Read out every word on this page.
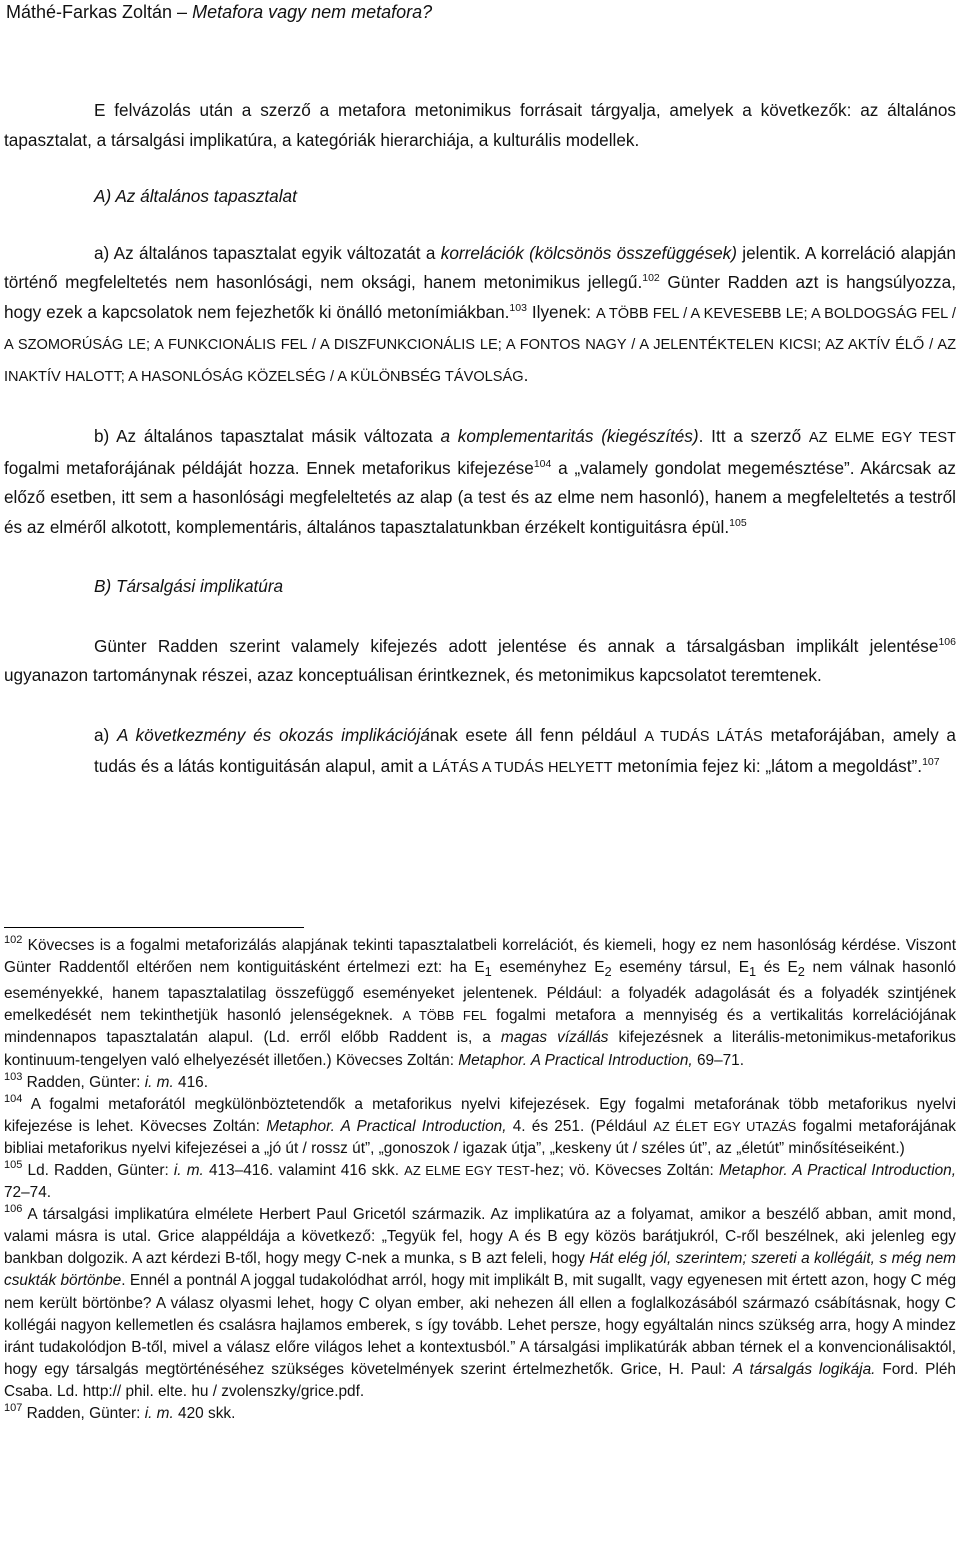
Máthé-Farkas Zoltán – Metafora vagy nem metafora?

E felvázolás után a szerző a metafora metonimikus forrásait tárgyalja, amelyek a következők: az általános tapasztalat, a társalgási implikatúra, a kategóriák hierarchiája, a kulturális modellek.

A) Az általános tapasztalat

a) Az általános tapasztalat egyik változatát a korrelációk (kölcsönös összefüggések) jelentik. A korreláció alapján történő megfeleltetés nem hasonlósági, nem oksági, hanem metonimikus jellegű.$^{102}$ Günter Radden azt is hangsúlyozza, hogy ezek a kapcsolatok nem fejezhetők ki önálló metonímiákban.$^{103}$ Ilyenek: A TÖBB FEL / A KEVESEBB LE; A BOLDOGSÁG FEL / A SZOMORÚSÁG LE; A FUNKCIONÁLIS FEL / A DISZFUNKCIONÁLIS LE; A FONTOS NAGY / A JELENTÉKTELEN KICSI; AZ AKTÍV ÉLŐ / AZ INAKTÍV HALOTT; A HASONLÓSÁG KÖZELSÉG / A KÜLÖNBSÉG TÁVOLSÁG.

b) Az általános tapasztalat másik változata a komplementaritás (kiegészítés). Itt a szerző AZ ELME EGY TEST fogalmi metaforájának példáját hozza. Ennek metaforikus kifejezése$^{104}$ a „valamely gondolat megemésztése”. Akárcsak az előző esetben, itt sem a hasonlósági megfeleltetés az alap (a test és az elme nem hasonló), hanem a megfeleltetés a testről és az elméről alkotott, komplementáris, általános tapasztalatunkban érzékelt kontiguitásra épül.$^{105}$

B) Társalgási implikatúra

Günter Radden szerint valamely kifejezés adott jelentése és annak a társalgásban implikált jelentése$^{106}$ ugyanazon tartománynak részei, azaz konceptuálisan érintkeznek, és metonimikus kapcsolatot teremtenek.

a) A következmény és okozás implikációjának esete áll fenn például A TUDÁS LÁTÁS metaforájában, amely a tudás és a látás kontiguitásán alapul, amit a LÁTÁS A TUDÁS HELYETT metonímia fejez ki: „látom a megoldást”.$^{107}$

$^{102}$ Kövecses is a fogalmi metaforizálás alapjának tekinti tapasztalatbeli korrelációt, és kiemeli, hogy ez nem hasonlóság kérdése. Viszont Günter Raddentől eltérően nem kontiguitásként értelmezi ezt: ha $E_1$ eseményhez $E_2$ esemény társul, $E_1$ és $E_2$ nem válnak hasonló eseményekké, hanem tapasztalatilag összefüggő eseményeket jelentenek. Például: a folyadék adagolását és a folyadék szintjének emelkedését nem tekinthetjük hasonló jelenségeknek. A TÖBB FEL fogalmi metafora a mennyiség és a vertikalitás korrelációjának mindennapos tapasztalatán alapul. (Ld. erről előbb Raddent is, a magas vízállás kifejezésnek a literális-metonimikus-metaforikus kontinuum-tengelyen való elhelyezését illetően.) Kövecses Zoltán: Metaphor. A Practical Introduction, 69–71.

$^{103}$ Radden, Günter: i. m. 416.

$^{104}$ A fogalmi metaforától megkülönböztetendők a metaforikus nyelvi kifejezések. Egy fogalmi metaforának több metaforikus nyelvi kifejezése is lehet. Kövecses Zoltán: Metaphor. A Practical Introduction, 4. és 251. (Például AZ ÉLET EGY UTAZÁS fogalmi metaforájának bibliai metaforikus nyelvi kifejezései a „jó út / rossz út”, „gonoszok / igazak útja”, „keskeny út / széles út”, az „életút” minősítéseiként.)

$^{105}$ Ld. Radden, Günter: i. m. 413–416. valamint 416 skk. AZ ELME EGY TEST-hez; vö. Kövecses Zoltán: Metaphor. A Practical Introduction, 72–74.

$^{106}$ A társalgási implikatúra elmélete Herbert Paul Gricetól származik. Az implikatúra az a folyamat, amikor a beszélő abban, amit mond, valami másra is utal. Grice alappéldája a következő: „Tegyük fel, hogy A és B egy közös barátjukról, C-ről beszélnek, aki jelenleg egy bankban dolgozik. A azt kérdezi B-től, hogy megy C-nek a munka, s B azt feleli, hogy Hát elég jól, szerintem; szereti a kollégáit, s még nem csukták börtönbe. Ennél a pontnál A joggal tudakolódhat arról, hogy mit implikált B, mit sugallt, vagy egyenesen mit értett azon, hogy C még nem került börtönbe? A válasz olyasmi lehet, hogy C olyan ember, aki nehezen áll ellen a foglalkozásából származó csábításnak, hogy C kollégái nagyon kellemetlen és csalásra hajlamos emberek, s így tovább. Lehet persze, hogy egyáltalán nincs szükség arra, hogy A mindez iránt tudakolódjon B-től, mivel a válasz előre világos lehet a kontextusból.” A társalgási implikatúrák abban térnek el a konvencionálisaktól, hogy egy társalgás megtörténéséhez szükséges követelmények szerint értelmezhetők. Grice, H. Paul: A társalgás logikája. Ford. Pléh Csaba. Ld. http:// phil. elte. hu / zvolenszky/grice.pdf.

$^{107}$ Radden, Günter: i. m. 420 skk.
